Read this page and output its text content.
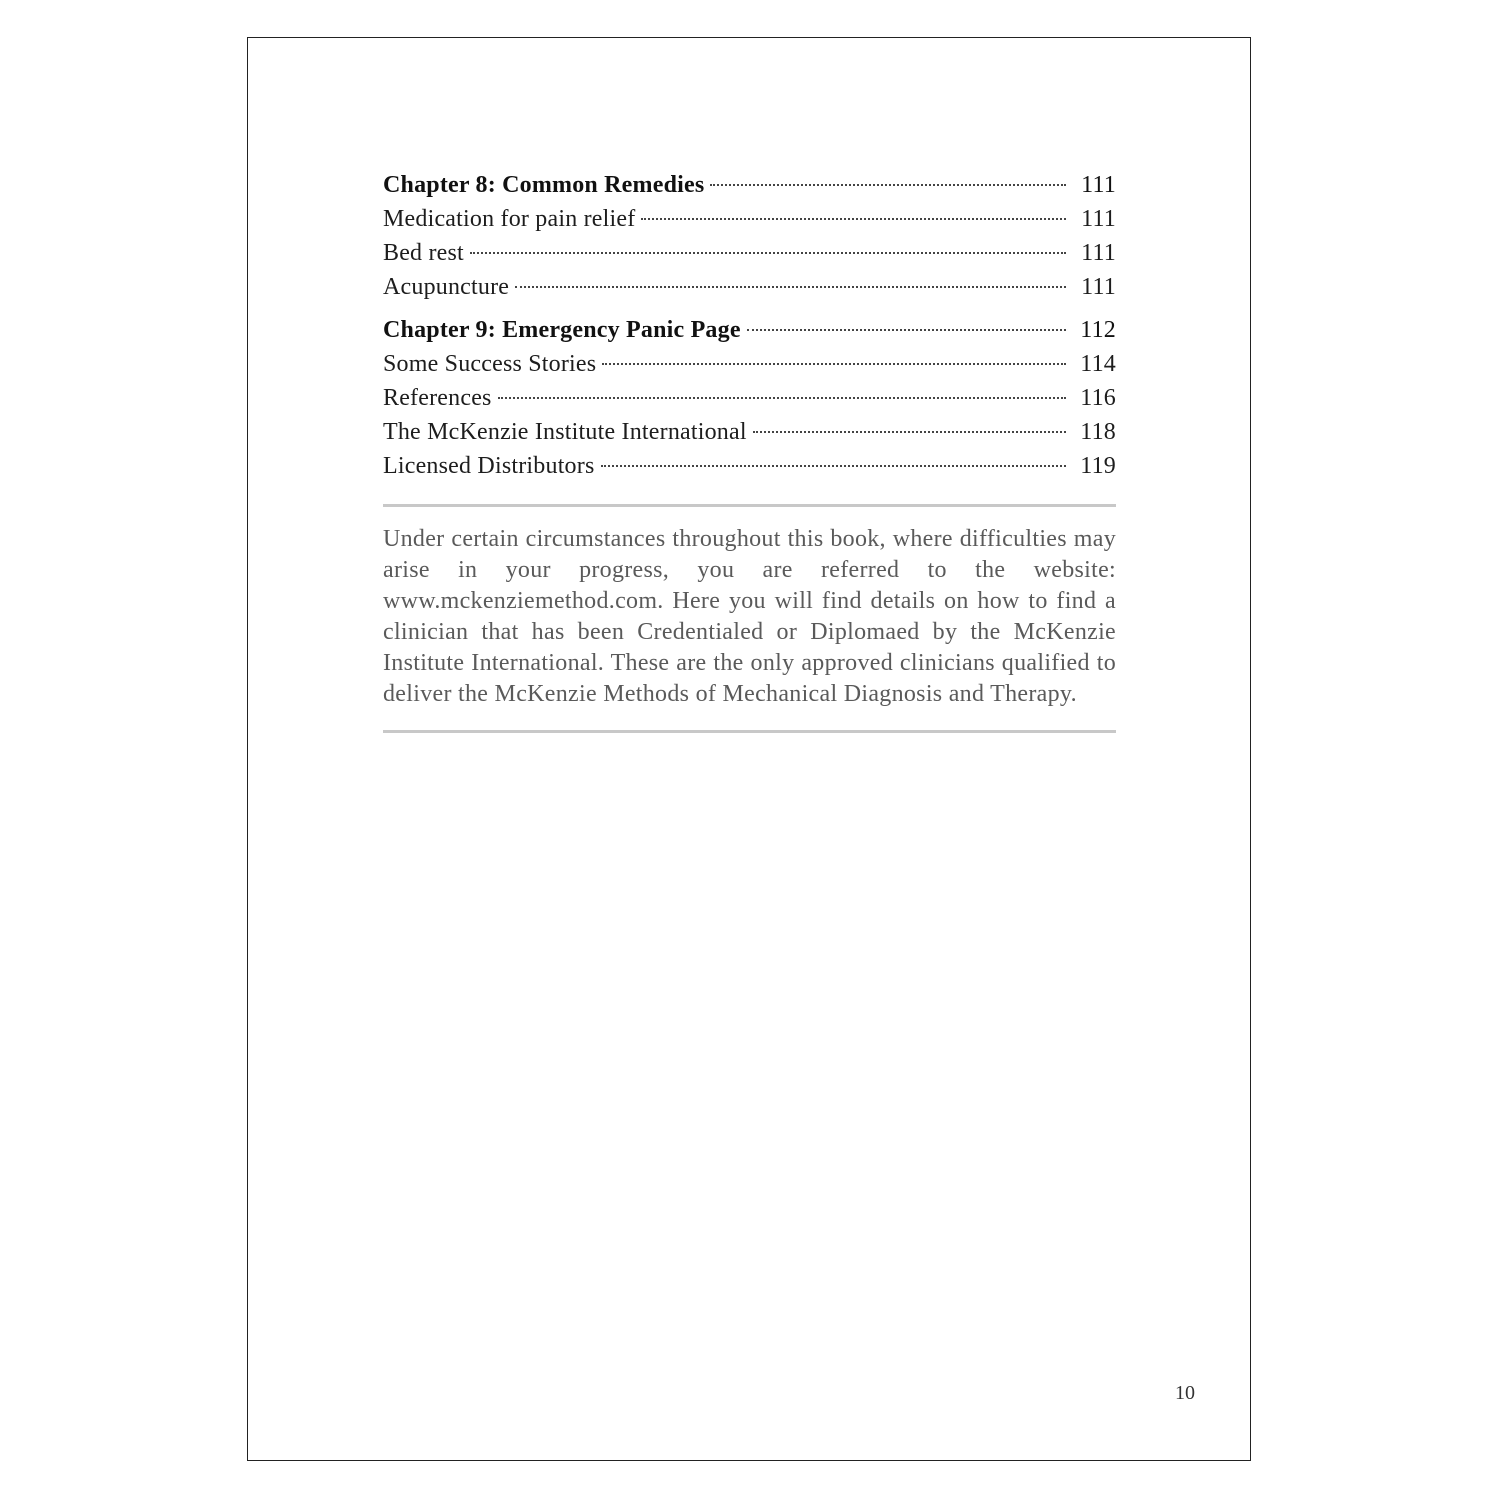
Chapter 8: Common Remedies	111
Medication for pain relief	111
Bed rest	111
Acupuncture	111
Chapter 9: Emergency Panic Page	112
Some Success Stories	114
References	116
The McKenzie Institute International	118
Licensed Distributors	119

Under certain circumstances throughout this book, where difficulties may arise in your progress, you are referred to the website: www.mckenziemethod.com. Here you will find details on how to find a clinician that has been Credentialed or Diplomaed by the McKenzie Institute International. These are the only approved clinicians qualified to deliver the McKenzie Methods of Mechanical Diagnosis and Therapy.

10
